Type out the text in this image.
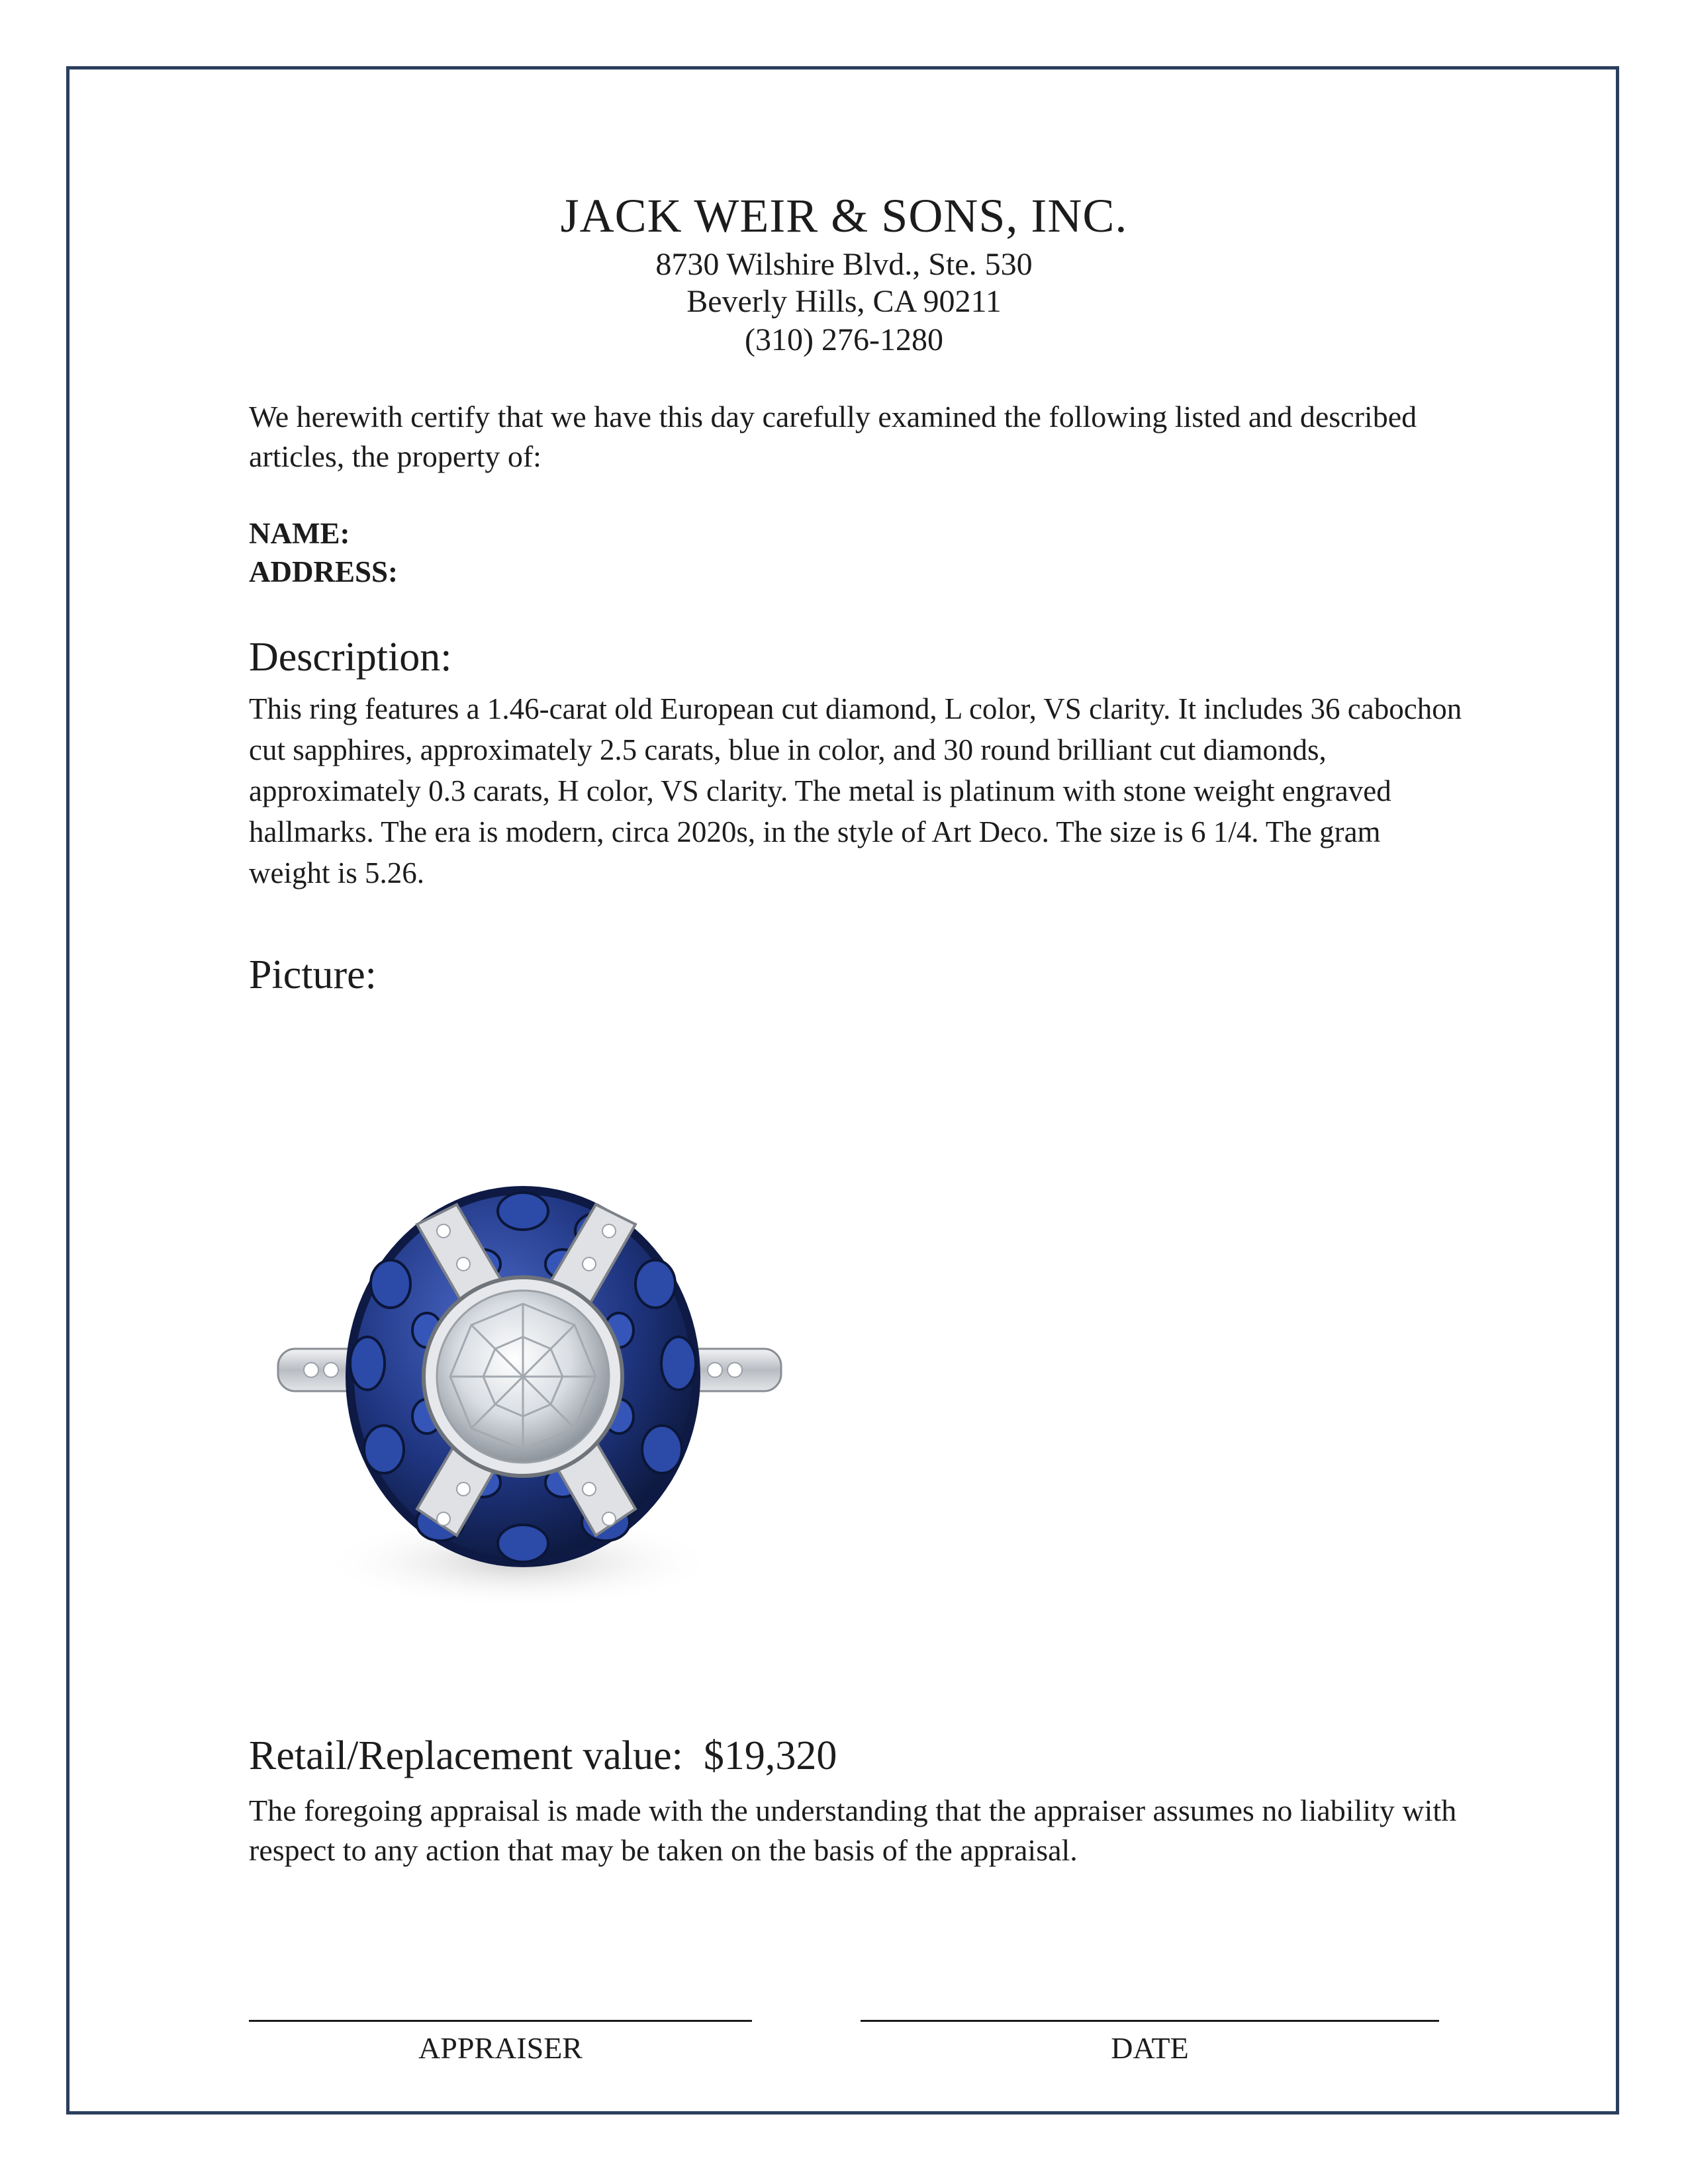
JACK WEIR & SONS, INC.
8730 Wilshire Blvd., Ste. 530
Beverly Hills, CA 90211
(310) 276-1280
We herewith certify that we have this day carefully examined the following listed and described articles, the property of:
NAME:
ADDRESS:
Description:
This ring features a 1.46-carat old European cut diamond, L color, VS clarity. It includes 36 cabochon cut sapphires, approximately 2.5 carats, blue in color, and 30 round brilliant cut diamonds, approximately 0.3 carats, H color, VS clarity. The metal is platinum with stone weight engraved hallmarks. The era is modern, circa 2020s, in the style of Art Deco. The size is 6 1/4. The gram weight is 5.26.
Picture:
Retail/Replacement value: $19,320
The foregoing appraisal is made with the understanding that the appraiser assumes no liability with respect to any action that may be taken on the basis of the appraisal.
APPRAISER	DATE
